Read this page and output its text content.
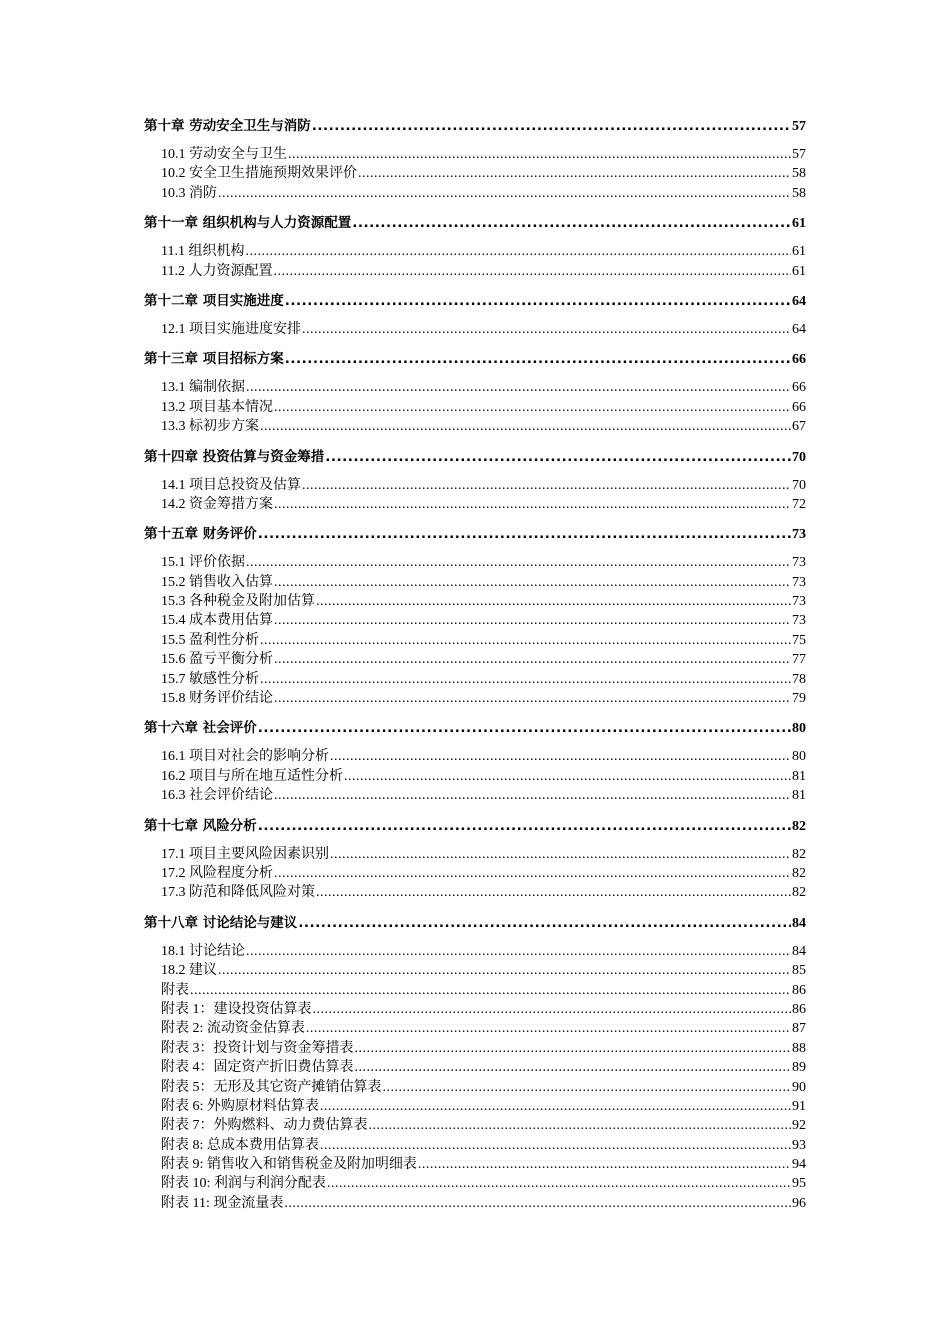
第十章 劳动安全卫生与消防 .....	57
10.1 劳动安全与卫生 .....	57
10.2 安全卫生措施预期效果评价 .....	58
10.3 消防 .....	58
第十一章 组织机构与人力资源配置 .....	61
11.1 组织机构 .....	61
11.2 人力资源配置 .....	61
第十二章 项目实施进度 .....	64
12.1 项目实施进度安排 .....	64
第十三章 项目招标方案 .....	66
13.1 编制依据 .....	66
13.2 项目基本情况 .....	66
13.3 标初步方案 .....	67
第十四章 投资估算与资金筹措 .....	70
14.1 项目总投资及估算 .....	70
14.2 资金筹措方案 .....	72
第十五章 财务评价 .....	73
15.1 评价依据 .....	73
15.2 销售收入估算 .....	73
15.3 各种税金及附加估算 .....	73
15.4 成本费用估算 .....	73
15.5 盈利性分析 .....	75
15.6 盈亏平衡分析 .....	77
15.7 敏感性分析 .....	78
15.8 财务评价结论 .....	79
第十六章 社会评价 .....	80
16.1 项目对社会的影响分析 .....	80
16.2 项目与所在地互适性分析 .....	81
16.3 社会评价结论 .....	81
第十七章 风险分析 .....	82
17.1 项目主要风险因素识别 .....	82
17.2 风险程度分析 .....	82
17.3 防范和降低风险对策 .....	82
第十八章 讨论结论与建议 .....	84
18.1 讨论结论 .....	84
18.2 建议 .....	85
附表 .....	86
附表 1：建设投资估算表 .....	86
附表 2: 流动资金估算表 .....	87
附表 3：投资计划与资金筹措表 .....	88
附表 4：固定资产折旧费估算表 .....	89
附表 5：无形及其它资产摊销估算表 .....	90
附表 6: 外购原材料估算表 .....	91
附表 7：外购燃料、动力费估算表 .....	92
附表 8: 总成本费用估算表 .....	93
附表 9: 销售收入和销售税金及附加明细表 .....	94
附表 10: 利润与利润分配表 .....	95
附表 11: 现金流量表 .....	96
